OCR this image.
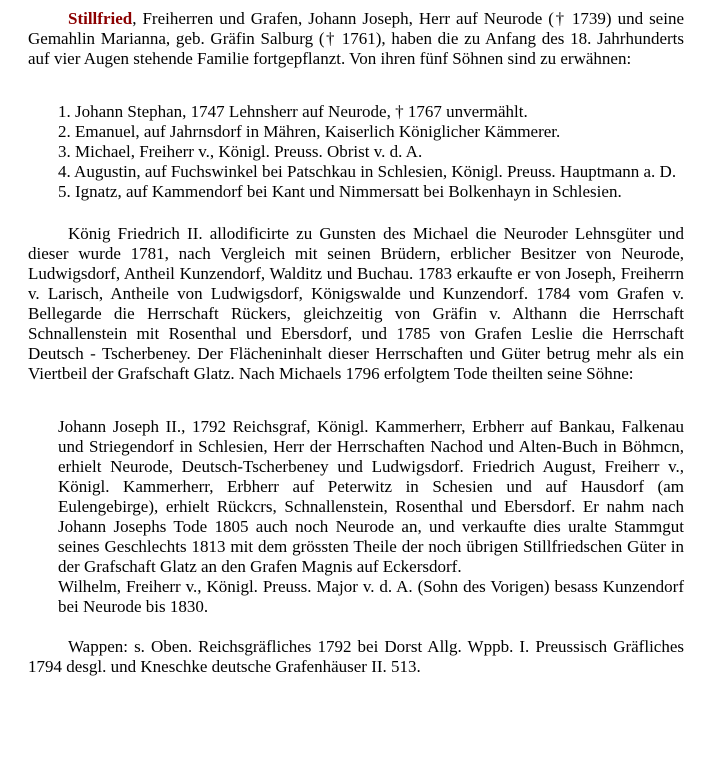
Stillfried, Freiherren und Grafen, Johann Joseph, Herr auf Neurode († 1739) und seine Gemahlin Marianna, geb. Gräfin Salburg († 1761), haben die zu Anfang des 18. Jahrhunderts auf vier Augen stehende Familie fortgepflanzt. Von ihren fünf Söhnen sind zu erwähnen:

1. Johann Stephan, 1747 Lehnsherr auf Neurode, † 1767 unvermählt.

2. Emanuel, auf Jahrnsdorf in Mähren, Kaiserlich Königlicher Kämmerer.

3. Michael, Freiherr v., Königl. Preuss. Obrist v. d. A.

4. Augustin, auf Fuchswinkel bei Patschkau in Schlesien, Königl. Preuss. Hauptmann a. D.

5. Ignatz, auf Kammendorf bei Kant und Nimmersatt bei Bolkenhayn in Schlesien.

König Friedrich II. allodificirte zu Gunsten des Michael die Neuroder Lehnsgüter und dieser wurde 1781, nach Vergleich mit seinen Brüdern, erblicher Besitzer von Neurode, Ludwigsdorf, Antheil Kunzendorf, Walditz und Buchau. 1783 erkaufte er von Joseph, Freiherrn v. Larisch, Antheile von Ludwigsdorf, Königswalde und Kunzendorf. 1784 vom Grafen v. Bellegarde die Herrschaft Rückers, gleichzeitig von Gräfin v. Althann die Herrschaft Schnallenstein mit Rosenthal und Ebersdorf, und 1785 von Grafen Leslie die Herrschaft Deutsch - Tscherbeney. Der Flächeninhalt dieser Herrschaften und Güter betrug mehr als ein Viertbeil der Grafschaft Glatz. Nach Michaels 1796 erfolgtem Tode theilten seine Söhne:

Johann Joseph II., 1792 Reichsgraf, Königl. Kammerherr, Erbherr auf Bankau, Falkenau und Striegendorf in Schlesien, Herr der Herrschaften Nachod und Alten-Buch in Böhmcn, erhielt Neurode, Deutsch-Tscherbeney und Ludwigsdorf. Friedrich August, Freiherr v., Königl. Kammerherr, Erbherr auf Peterwitz in Schesien und auf Hausdorf (am Eulengebirge), erhielt Rückcrs, Schnallenstein, Rosenthal und Ebersdorf. Er nahm nach Johann Josephs Tode 1805 auch noch Neurode an, und verkaufte dies uralte Stammgut seines Geschlechts 1813 mit dem grössten Theile der noch übrigen Stillfriedschen Güter in der Grafschaft Glatz an den Grafen Magnis auf Eckersdorf.

Wilhelm, Freiherr v., Königl. Preuss. Major v. d. A. (Sohn des Vorigen) besass Kunzendorf bei Neurode bis 1830.

Wappen: s. Oben. Reichsgräfliches 1792 bei Dorst Allg. Wppb. I. Preussisch Gräfliches 1794 desgl. und Kneschke deutsche Grafenhäuser II. 513.
